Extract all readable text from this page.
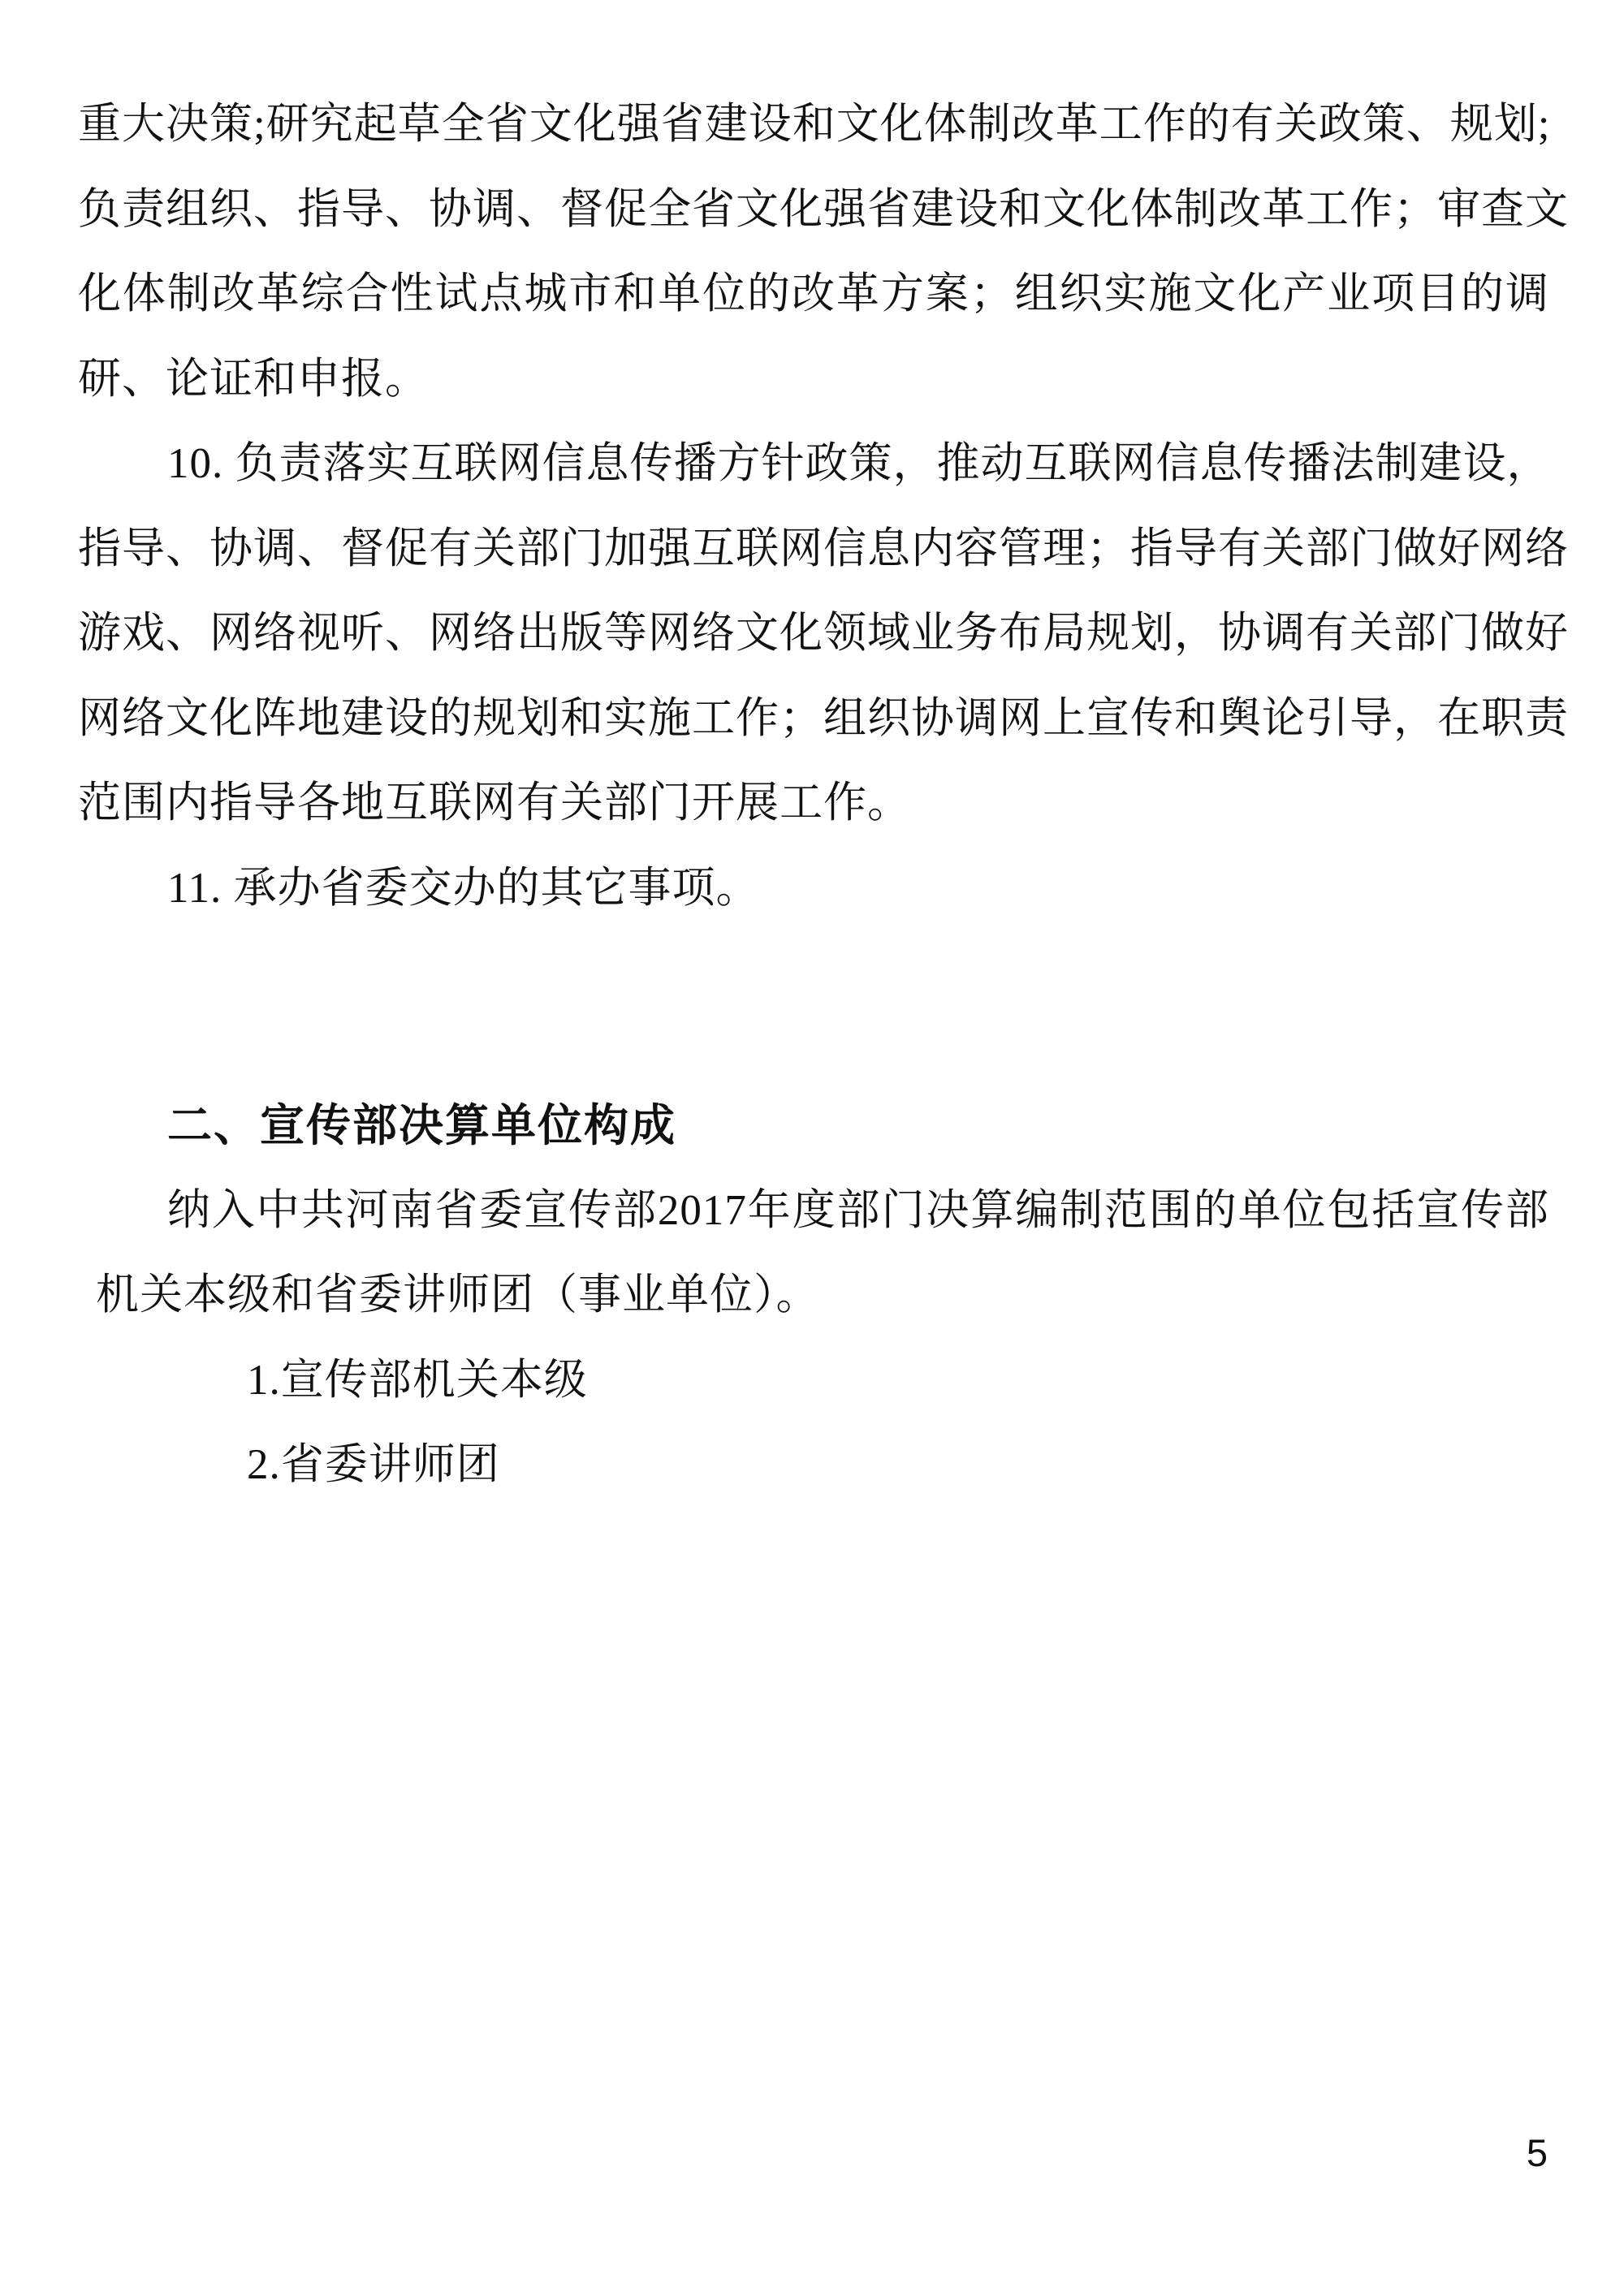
重大决策;研究起草全省文化强省建设和文化体制改革工作的有关政策、规划;
负责组织、指导、协调、督促全省文化强省建设和文化体制改革工作；审查文
化体制改革综合性试点城市和单位的改革方案；组织实施文化产业项目的调
研、论证和申报。
10. 负责落实互联网信息传播方针政策，推动互联网信息传播法制建设，
指导、协调、督促有关部门加强互联网信息内容管理；指导有关部门做好网络
游戏、网络视听、网络出版等网络文化领域业务布局规划，协调有关部门做好
网络文化阵地建设的规划和实施工作；组织协调网上宣传和舆论引导，在职责
范围内指导各地互联网有关部门开展工作。
11. 承办省委交办的其它事项。
二、宣传部决算单位构成
纳入中共河南省委宣传部2017年度部门决算编制范围的单位包括宣传部
机关本级和省委讲师团（事业单位）。
1.宣传部机关本级
2.省委讲师团
5
